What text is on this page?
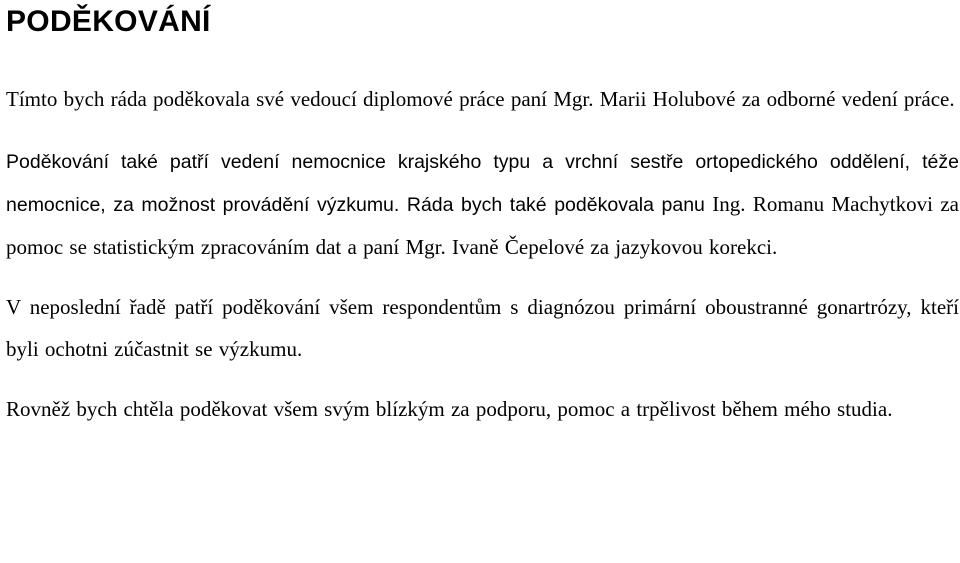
PODĚKOVÁNÍ

Tímto bych ráda poděkovala své vedoucí diplomové práce paní Mgr. Marii Holubové za odborné vedení práce.

Poděkování také patří vedení nemocnice krajského typu a vrchní sestře ortopedického oddělení, téže nemocnice, za možnost provádění výzkumu. Ráda bych také poděkovala panu Ing. Romanu Machytkovi za pomoc se statistickým zpracováním dat a paní Mgr. Ivaně Čepelové za jazykovou korekci.

V neposlední řadě patří poděkování všem respondentům s diagnózou primární oboustranné gonartrózy, kteří byli ochotni zúčastnit se výzkumu.

Rovněž bych chtěla poděkovat všem svým blízkým za podporu, pomoc a trpělivost během mého studia.
